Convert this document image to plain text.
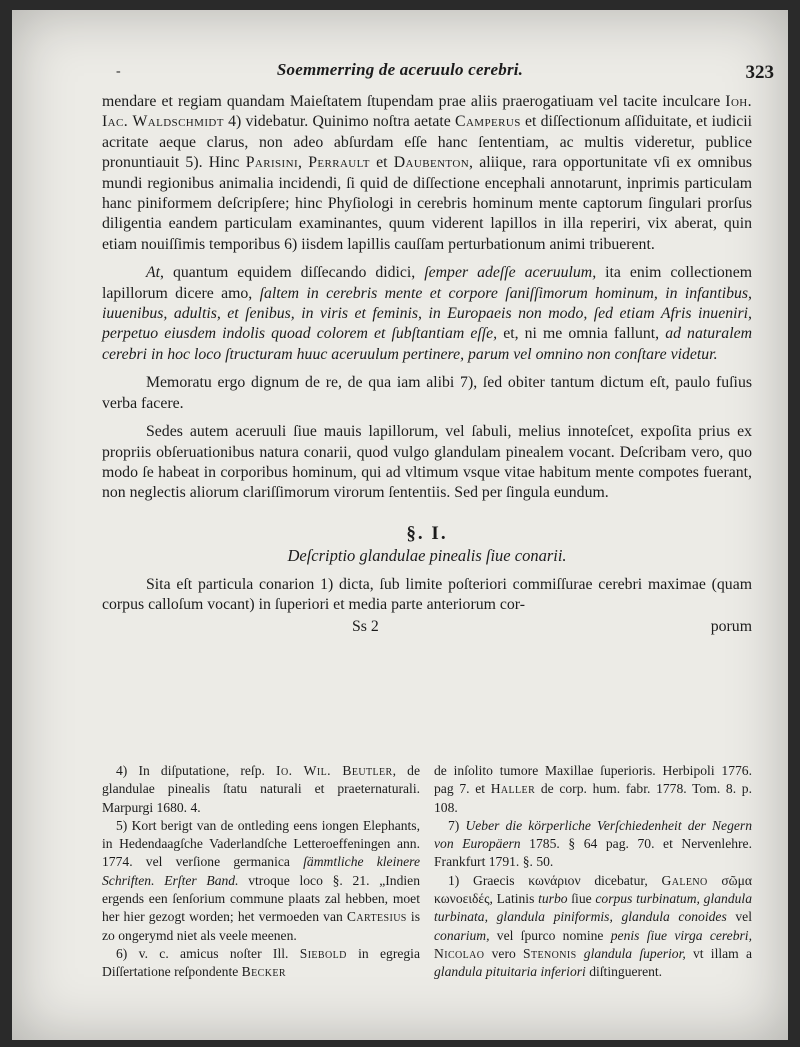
-	Soemmerring de aceruulo cerebri.	323

mendare et regiam quandam Maieſtatem ſtupendam prae aliis praerogatiuam vel tacite inculcare Ioh. Iac. Waldschmidt 4) videbatur. Quinimo noſtra aetate Camperus et diſſectionum aſſiduitate, et iudicii acritate aeque clarus, non adeo abſurdam eſſe hanc ſententiam, ac multis videretur, publice pronuntiauit 5). Hinc Parisini, Perrault et Daubenton, aliique, rara opportunitate vſi ex omnibus mundi regionibus animalia incidendi, ſi quid de diſſectione encephali annotarunt, inprimis particulam hanc piniformem deſcripſere; hinc Phyſiologi in cerebris hominum mente captorum ſingulari prorſus diligentia eandem particulam examinantes, quum viderent lapillos in illa reperiri, vix aberat, quin etiam nouiſſimis temporibus 6) iisdem lapillis cauſſam perturbationum animi tribuerent.

At, quantum equidem diſſecando didici, ſemper adeſſe aceruulum, ita enim collectionem lapillorum dicere amo, ſaltem in cerebris mente et corpore ſaniſſimorum hominum, in infantibus, iuuenibus, adultis, et ſenibus, in viris et feminis, in Europaeis non modo, ſed etiam Afris inueniri, perpetuo eiusdem indolis quoad colorem et ſubſtantiam eſſe, et, ni me omnia fallunt, ad naturalem cerebri in hoc loco ſtructuram huuc aceruulum pertinere, parum vel omnino non conſtare videtur.

Memoratu ergo dignum de re, de qua iam alibi 7), ſed obiter tantum dictum eſt, paulo fuſius verba facere.

Sedes autem aceruuli ſiue mauis lapillorum, vel ſabuli, melius innoteſcet, expoſita prius ex propriis obſeruationibus natura conarii, quod vulgo glandulam pinealem vocant. Deſcribam vero, quo modo ſe habeat in corporibus hominum, qui ad vltimum vsque vitae habitum mente compotes fuerant, non neglectis aliorum clariſſimorum virorum ſententiis. Sed per ſingula eundum.

§. I.

Deſcriptio glandulae pinealis ſiue conarii.

Sita eſt particula conarion 1) dicta, ſub limite poſteriori commiſſurae cerebri maximae (quam corpus calloſum vocant) in ſuperiori et media parte anteriorum cor-

Ss 2	porum

4) In diſputatione, reſp. Io. Wil. Beutler, de glandulae pinealis ſtatu naturali et praeternaturali. Marpurgi 1680. 4.

5) Kort berigt van de ontleding eens iongen Elephants, in Hedendaagſche Vaderlandſche Letteroeffeningen ann. 1774. vel verſione germanica ſämmtliche kleinere Schriften. Erſter Band. vtroque loco §. 21. „Indien ergends een ſenſorium commune plaats zal hebben, moet her hier gezogt worden; het vermoeden van Cartesius is zo ongerymd niet als veele meenen.

6) v. c. amicus noſter Ill. Siebold in egregia Diſſertatione reſpondente Becker

de inſolito tumore Maxillae ſuperioris. Herbipoli 1776. pag 7. et Haller de corp. hum. fabr. 1778. Tom. 8. p. 108.

7) Ueber die körperliche Verſchiedenheit der Negern von Europäern 1785. § 64 pag. 70. et Nervenlehre. Frankfurt 1791. §. 50.

1) Graecis κωνάριον dicebatur, Galeno σῶμα κωνοειδές, Latinis turbo ſiue corpus turbinatum, glandula turbinata, glandula piniformis, glandula conoides vel conarium, vel ſpurco nomine penis ſiue virga cerebri, Nicolao vero Stenonis glandula ſuperior, vt illam a glandula pituitaria inferiori diſtinguerent.
